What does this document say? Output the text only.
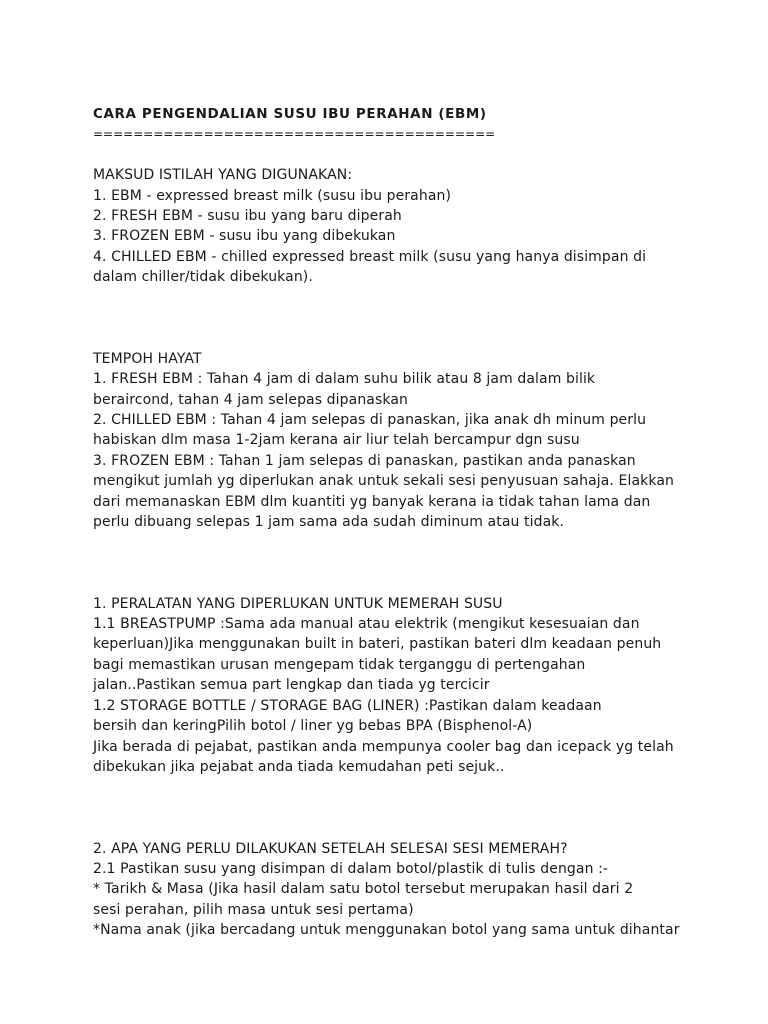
CARA PENGENDALIAN SUSU IBU PERAHAN (EBM)
========================================
MAKSUD ISTILAH YANG DIGUNAKAN:
1. EBM - expressed breast milk (susu ibu perahan)
2. FRESH EBM - susu ibu yang baru diperah
3. FROZEN EBM - susu ibu yang dibekukan
4. CHILLED EBM - chilled expressed breast milk (susu yang hanya disimpan di
dalam chiller/tidak dibekukan).
TEMPOH HAYAT
1. FRESH EBM : Tahan 4 jam di dalam suhu bilik atau 8 jam dalam bilik
beraircond, tahan 4 jam selepas dipanaskan
2. CHILLED EBM : Tahan 4 jam selepas di panaskan, jika anak dh minum perlu
habiskan dlm masa 1-2jam kerana air liur telah bercampur dgn susu
3. FROZEN EBM : Tahan 1 jam selepas di panaskan, pastikan anda panaskan
mengikut jumlah yg diperlukan anak untuk sekali sesi penyusuan sahaja. Elakkan
dari memanaskan EBM dlm kuantiti yg banyak kerana ia tidak tahan lama dan
perlu dibuang selepas 1 jam sama ada sudah diminum atau tidak.
1. PERALATAN YANG DIPERLUKAN UNTUK MEMERAH SUSU
1.1 BREASTPUMP :Sama ada manual atau elektrik (mengikut kesesuaian dan
keperluan)Jika menggunakan built in bateri, pastikan bateri dlm keadaan penuh
bagi memastikan urusan mengepam tidak terganggu di pertengahan
jalan..Pastikan semua part lengkap dan tiada yg tercicir
1.2 STORAGE BOTTLE / STORAGE BAG (LINER) :Pastikan dalam keadaan
bersih dan keringPilih botol / liner yg bebas BPA (Bisphenol-A)
Jika berada di pejabat, pastikan anda mempunya cooler bag dan icepack yg telah
dibekukan jika pejabat anda tiada kemudahan peti sejuk..
2. APA YANG PERLU DILAKUKAN SETELAH SELESAI SESI MEMERAH?
2.1 Pastikan susu yang disimpan di dalam botol/plastik di tulis dengan :-
* Tarikh & Masa (Jika hasil dalam satu botol tersebut merupakan hasil dari 2
sesi perahan, pilih masa untuk sesi pertama)
*Nama anak (jika bercadang untuk menggunakan botol yang sama untuk dihantar
